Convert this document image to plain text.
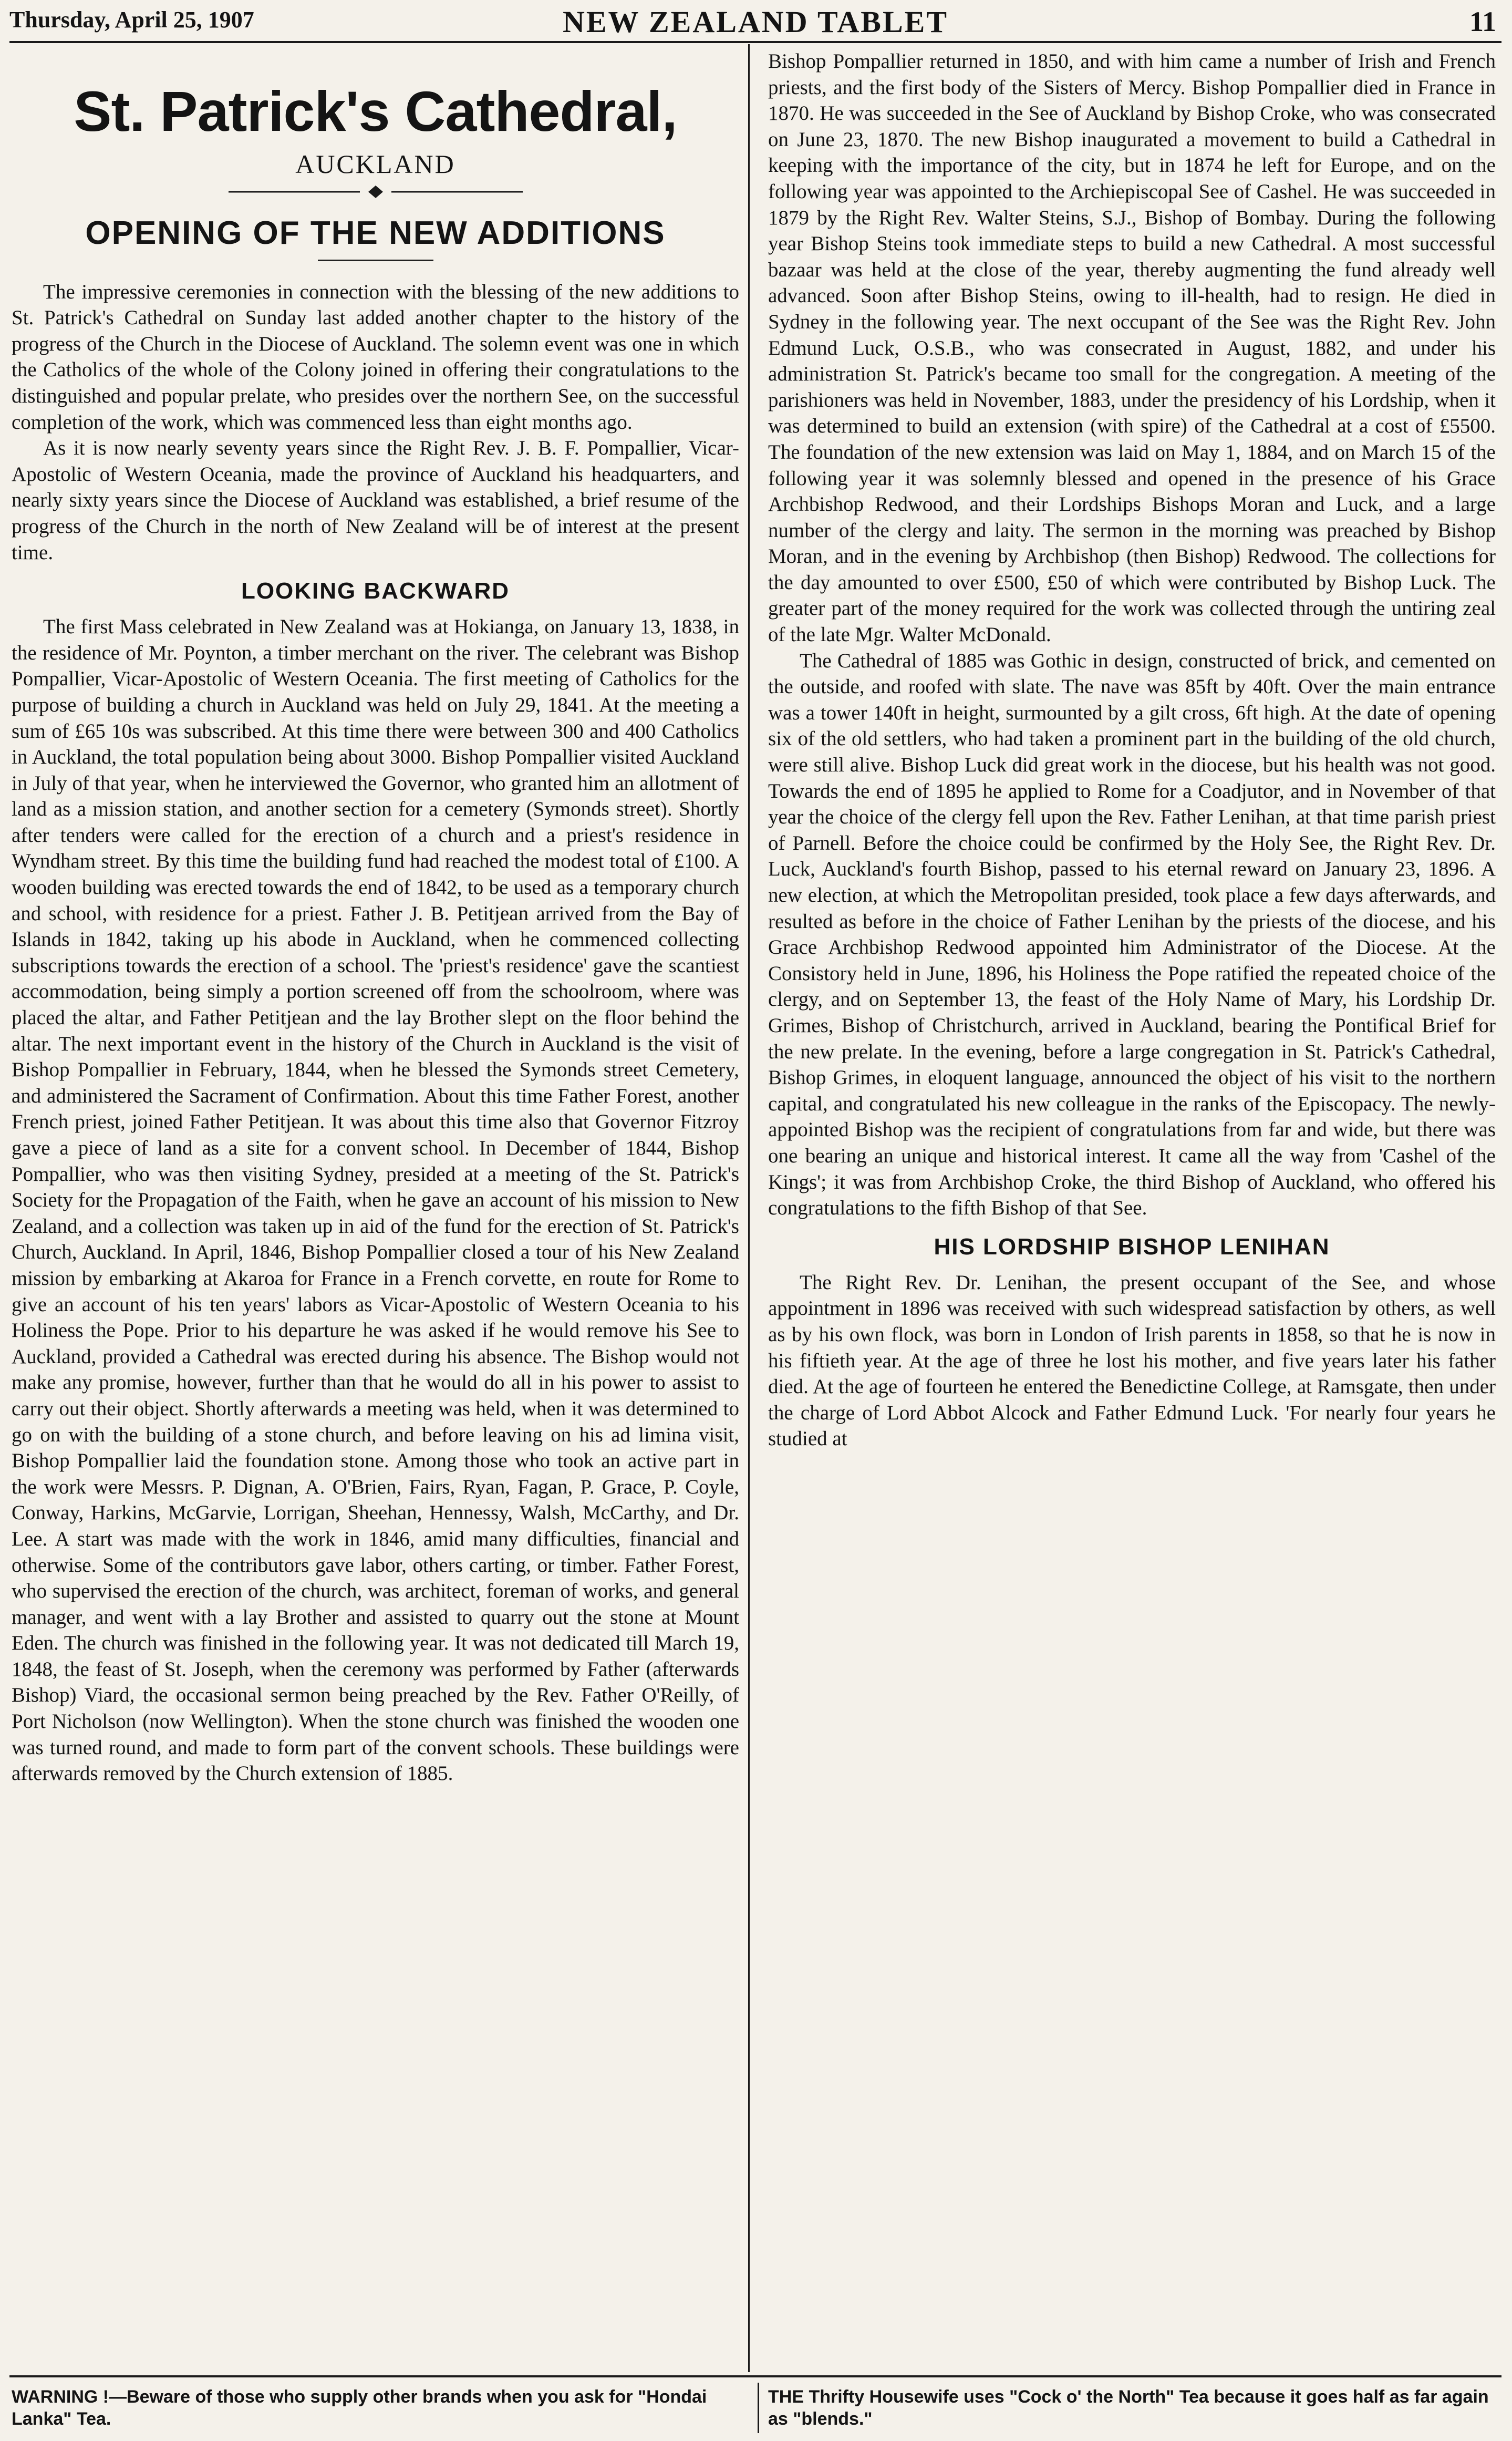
Thursday, April 25, 1907	NEW ZEALAND TABLET	11
St. Patrick's Cathedral,
AUCKLAND
OPENING OF THE NEW ADDITIONS

The impressive ceremonies in connection with the blessing of the new additions to St. Patrick's Cathedral on Sunday last added another chapter to the history of the progress of the Church in the Diocese of Auckland. The solemn event was one in which the Catholics of the whole of the Colony joined in offering their congratulations to the distinguished and popular prelate, who presides over the northern See, on the successful completion of the work, which was commenced less than eight months ago.

As it is now nearly seventy years since the Right Rev. J. B. F. Pompallier, Vicar-Apostolic of Western Oceania, made the province of Auckland his headquarters, and nearly sixty years since the Diocese of Auckland was established, a brief resume of the progress of the Church in the north of New Zealand will be of interest at the present time.

LOOKING BACKWARD

The first Mass celebrated in New Zealand was at Hokianga, on January 13, 1838, in the residence of Mr. Poynton, a timber merchant on the river. The celebrant was Bishop Pompallier, Vicar-Apostolic of Western Oceania. The first meeting of Catholics for the purpose of building a church in Auckland was held on July 29, 1841. At the meeting a sum of £65 10s was subscribed. At this time there were between 300 and 400 Catholics in Auckland, the total population being about 3000. Bishop Pompallier visited Auckland in July of that year, when he interviewed the Governor, who granted him an allotment of land as a mission station, and another section for a cemetery (Symonds street). Shortly after tenders were called for the erection of a church and a priest's residence in Wyndham street. By this time the building fund had reached the modest total of £100. A wooden building was erected towards the end of 1842, to be used as a temporary church and school, with residence for a priest. Father J. B. Petitjean arrived from the Bay of Islands in 1842, taking up his abode in Auckland, when he commenced collecting subscriptions towards the erection of a school. The 'priest's residence' gave the scantiest accommodation, being simply a portion screened off from the schoolroom, where was placed the altar, and Father Petitjean and the lay Brother slept on the floor behind the altar. The next important event in the history of the Church in Auckland is the visit of Bishop Pompallier in February, 1844, when he blessed the Symonds street Cemetery, and administered the Sacrament of Confirmation. About this time Father Forest, another French priest, joined Father Petitjean. It was about this time also that Governor Fitzroy gave a piece of land as a site for a convent school. In December of 1844, Bishop Pompallier, who was then visiting Sydney, presided at a meeting of the St. Patrick's Society for the Propagation of the Faith, when he gave an account of his mission to New Zealand, and a collection was taken up in aid of the fund for the erection of St. Patrick's Church, Auckland. In April, 1846, Bishop Pompallier closed a tour of his New Zealand mission by embarking at Akaroa for France in a French corvette, en route for Rome to give an account of his ten years' labors as Vicar-Apostolic of Western Oceania to his Holiness the Pope. Prior to his departure he was asked if he would remove his See to Auckland, provided a Cathedral was erected during his absence. The Bishop would not make any promise, however, further than that he would do all in his power to assist to carry out their object. Shortly afterwards a meeting was held, when it was determined to go on with the building of a stone church, and before leaving on his ad limina visit, Bishop Pompallier laid the foundation stone. Among those who took an active part in the work were Messrs. P. Dignan, A. O'Brien, Fairs, Ryan, Fagan, P. Grace, P. Coyle, Conway, Harkins, McGarvie, Lorrigan, Sheehan, Hennessy, Walsh, McCarthy, and Dr. Lee. A start was made with the work in 1846, amid many difficulties, financial and otherwise. Some of the contributors gave labor, others carting, or timber. Father Forest, who supervised the erection of the church, was architect, foreman of works, and general manager, and went with a lay Brother and assisted to quarry out the stone at Mount Eden. The church was finished in the following year. It was not dedicated till March 19, 1848, the feast of St. Joseph, when the ceremony was performed by Father (afterwards Bishop) Viard, the occasional sermon being preached by the Rev. Father O'Reilly, of Port Nicholson (now Wellington). When the stone church was finished the wooden one was turned round, and made to form part of the convent schools. These buildings were afterwards removed by the Church extension of 1885.

Bishop Pompallier returned in 1850, and with him came a number of Irish and French priests, and the first body of the Sisters of Mercy. Bishop Pompallier died in France in 1870. He was succeeded in the See of Auckland by Bishop Croke, who was consecrated on June 23, 1870. The new Bishop inaugurated a movement to build a Cathedral in keeping with the importance of the city, but in 1874 he left for Europe, and on the following year was appointed to the Archiepiscopal See of Cashel. He was succeeded in 1879 by the Right Rev. Walter Steins, S.J., Bishop of Bombay. During the following year Bishop Steins took immediate steps to build a new Cathedral. A most successful bazaar was held at the close of the year, thereby augmenting the fund already well advanced. Soon after Bishop Steins, owing to ill-health, had to resign. He died in Sydney in the following year. The next occupant of the See was the Right Rev. John Edmund Luck, O.S.B., who was consecrated in August, 1882, and under his administration St. Patrick's became too small for the congregation. A meeting of the parishioners was held in November, 1883, under the presidency of his Lordship, when it was determined to build an extension (with spire) of the Cathedral at a cost of £5500. The foundation of the new extension was laid on May 1, 1884, and on March 15 of the following year it was solemnly blessed and opened in the presence of his Grace Archbishop Redwood, and their Lordships Bishops Moran and Luck, and a large number of the clergy and laity. The sermon in the morning was preached by Bishop Moran, and in the evening by Archbishop (then Bishop) Redwood. The collections for the day amounted to over £500, £50 of which were contributed by Bishop Luck. The greater part of the money required for the work was collected through the untiring zeal of the late Mgr. Walter McDonald.

The Cathedral of 1885 was Gothic in design, constructed of brick, and cemented on the outside, and roofed with slate. The nave was 85ft by 40ft. Over the main entrance was a tower 140ft in height, surmounted by a gilt cross, 6ft high. At the date of opening six of the old settlers, who had taken a prominent part in the building of the old church, were still alive. Bishop Luck did great work in the diocese, but his health was not good. Towards the end of 1895 he applied to Rome for a Coadjutor, and in November of that year the choice of the clergy fell upon the Rev. Father Lenihan, at that time parish priest of Parnell. Before the choice could be confirmed by the Holy See, the Right Rev. Dr. Luck, Auckland's fourth Bishop, passed to his eternal reward on January 23, 1896. A new election, at which the Metropolitan presided, took place a few days afterwards, and resulted as before in the choice of Father Lenihan by the priests of the diocese, and his Grace Archbishop Redwood appointed him Administrator of the Diocese. At the Consistory held in June, 1896, his Holiness the Pope ratified the repeated choice of the clergy, and on September 13, the feast of the Holy Name of Mary, his Lordship Dr. Grimes, Bishop of Christchurch, arrived in Auckland, bearing the Pontifical Brief for the new prelate. In the evening, before a large congregation in St. Patrick's Cathedral, Bishop Grimes, in eloquent language, announced the object of his visit to the northern capital, and congratulated his new colleague in the ranks of the Episcopacy. The newly-appointed Bishop was the recipient of congratulations from far and wide, but there was one bearing an unique and historical interest. It came all the way from 'Cashel of the Kings'; it was from Archbishop Croke, the third Bishop of Auckland, who offered his congratulations to the fifth Bishop of that See.

HIS LORDSHIP BISHOP LENIHAN

The Right Rev. Dr. Lenihan, the present occupant of the See, and whose appointment in 1896 was received with such widespread satisfaction by others, as well as by his own flock, was born in London of Irish parents in 1858, so that he is now in his fiftieth year. At the age of three he lost his mother, and five years later his father died. At the age of fourteen he entered the Benedictine College, at Ramsgate, then under the charge of Lord Abbot Alcock and Father Edmund Luck. 'For nearly four years he studied at

WARNING !—Beware of those who supply other brands when you ask for "Hondai Lanka" Tea.
THE Thrifty Housewife uses "Cock o' the North" Tea because it goes half as far again as "blends."
